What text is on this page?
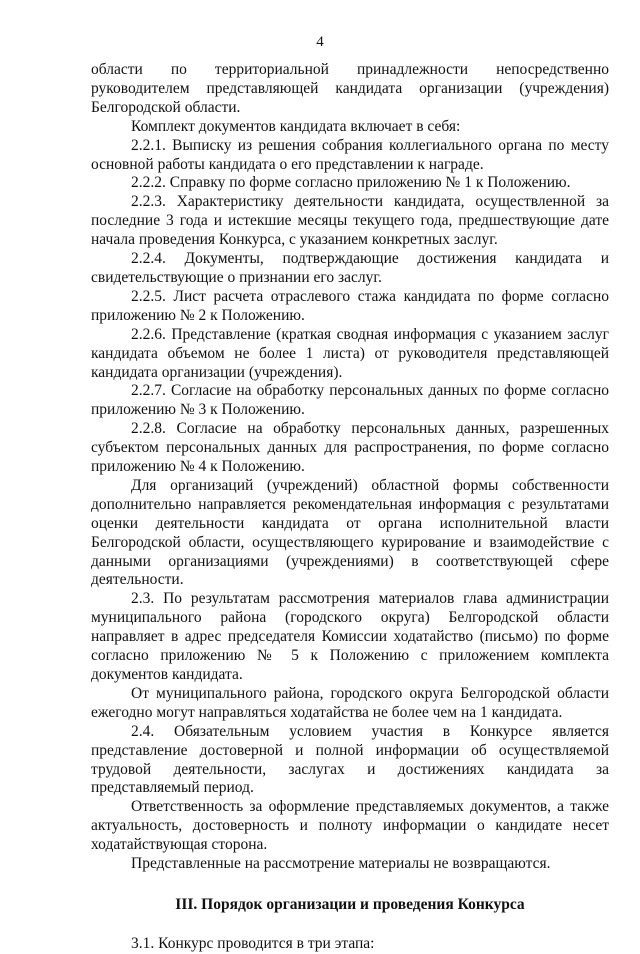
4

области по территориальной принадлежности непосредственно руководителем представляющей кандидата организации (учреждения) Белгородской области.

Комплект документов кандидата включает в себя:

2.2.1. Выписку из решения собрания коллегиального органа по месту основной работы кандидата о его представлении к награде.

2.2.2. Справку по форме согласно приложению № 1 к Положению.

2.2.3. Характеристику деятельности кандидата, осуществленной за последние 3 года и истекшие месяцы текущего года, предшествующие дате начала проведения Конкурса, с указанием конкретных заслуг.

2.2.4. Документы, подтверждающие достижения кандидата и свидетельствующие о признании его заслуг.

2.2.5. Лист расчета отраслевого стажа кандидата по форме согласно приложению № 2 к Положению.

2.2.6. Представление (краткая сводная информация с указанием заслуг кандидата объемом не более 1 листа) от руководителя представляющей кандидата организации (учреждения).

2.2.7. Согласие на обработку персональных данных по форме согласно приложению № 3 к Положению.

2.2.8. Согласие на обработку персональных данных, разрешенных субъектом персональных данных для распространения, по форме согласно приложению № 4 к Положению.

Для организаций (учреждений) областной формы собственности дополнительно направляется рекомендательная информация с результатами оценки деятельности кандидата от органа исполнительной власти Белгородской области, осуществляющего курирование и взаимодействие с данными организациями (учреждениями) в соответствующей сфере деятельности.

2.3. По результатам рассмотрения материалов глава администрации муниципального района (городского округа) Белгородской области направляет в адрес председателя Комиссии ходатайство (письмо) по форме согласно приложению № 5 к Положению с приложением комплекта документов кандидата.

От муниципального района, городского округа Белгородской области ежегодно могут направляться ходатайства не более чем на 1 кандидата.

2.4. Обязательным условием участия в Конкурсе является представление достоверной и полной информации об осуществляемой трудовой деятельности, заслугах и достижениях кандидата за представляемый период.

Ответственность за оформление представляемых документов, а также актуальность, достоверность и полноту информации о кандидате несет ходатайствующая сторона.

Представленные на рассмотрение материалы не возвращаются.

III. Порядок организации и проведения Конкурса

3.1. Конкурс проводится в три этапа:
